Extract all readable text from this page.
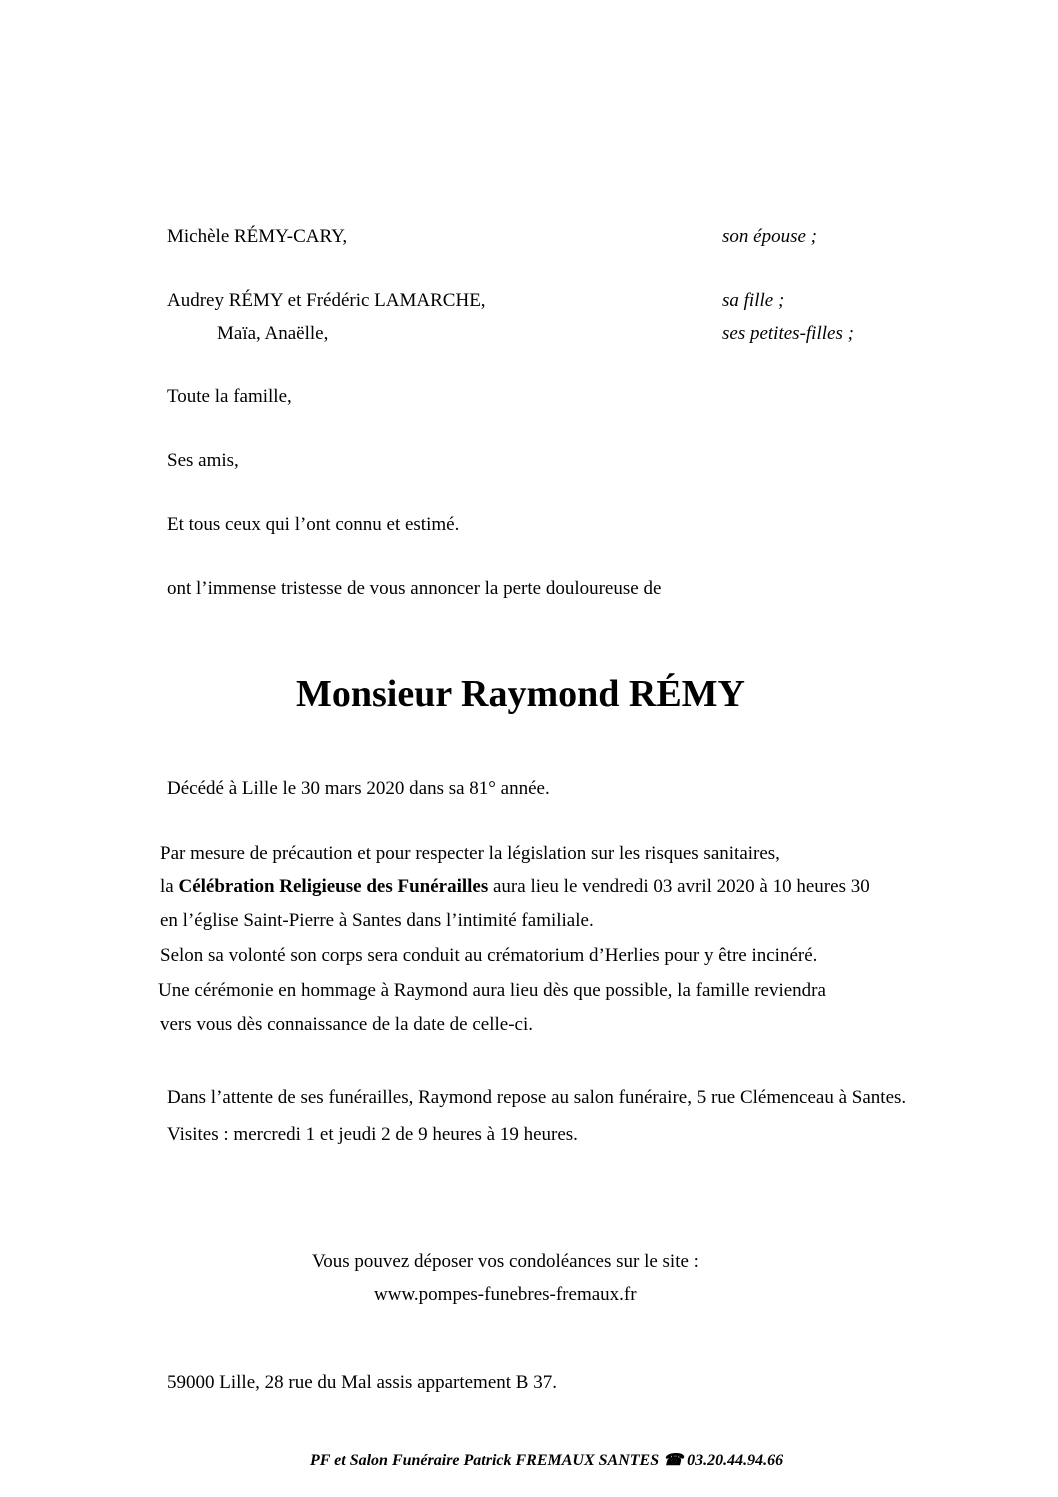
Michèle RÉMY-CARY,	son épouse ;
Audrey RÉMY et Frédéric LAMARCHE,	sa fille ;
Maïa, Anaëlle,	ses petites-filles ;
Toute la famille,
Ses amis,
Et tous ceux qui l’ont connu et estimé.
ont l’immense tristesse de vous annoncer la perte douloureuse de
Monsieur Raymond RÉMY
Décédé à Lille le 30 mars 2020 dans sa 81° année.
Par mesure de précaution et pour respecter la législation sur les risques sanitaires,
la Célébration Religieuse des Funérailles aura lieu le vendredi 03 avril 2020 à 10 heures 30
en l’église Saint-Pierre à Santes dans l’intimité familiale.
Selon sa volonté son corps sera conduit au crématorium d’Herlies pour y être incinéré.
Une cérémonie en hommage à Raymond aura lieu dès que possible, la famille reviendra
vers vous dès connaissance de la date de celle-ci.
Dans l’attente de ses funérailles, Raymond repose au salon funéraire, 5 rue Clémenceau à Santes.
Visites : mercredi 1 et jeudi 2 de 9 heures à 19 heures.
Vous pouvez déposer vos condoléances sur le site :
www.pompes-funebres-fremaux.fr
59000 Lille, 28 rue du Mal assis appartement B 37.
PF et Salon Funéraire Patrick FREMAUX SANTES ☎ 03.20.44.94.66
